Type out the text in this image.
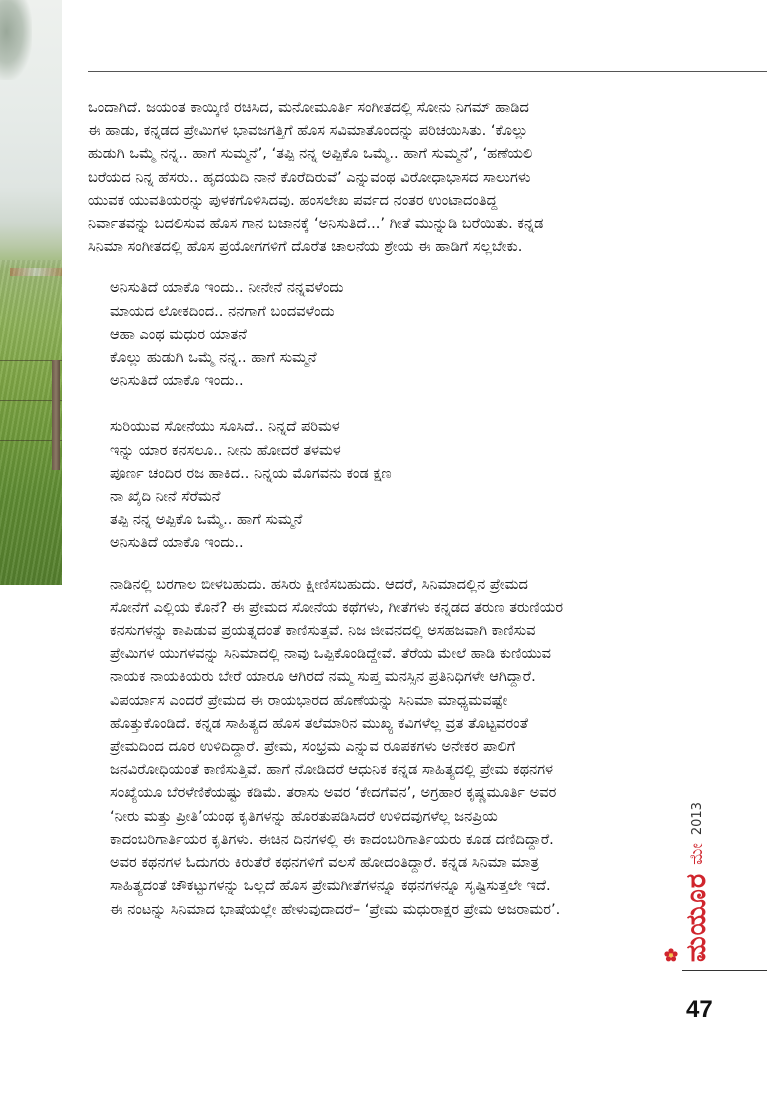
ಒಂದಾಗಿದೆ. ಜಯಂತ ಕಾಯ್ಕಿಣಿ ರಚಿಸಿದ, ಮನೋಮೂರ್ತಿ ಸಂಗೀತದಲ್ಲಿ ಸೋನು ನಿಗಮ್ ಹಾಡಿದ
ಈ ಹಾಡು, ಕನ್ನಡದ ಪ್ರೇಮಿಗಳ ಭಾವಜಗತ್ತಿಗೆ ಹೊಸ ಸವಿಮಾತೊಂದನ್ನು ಪರಿಚಯಿಸಿತು. ‘ಕೊಲ್ಲು
ಹುಡುಗಿ ಒಮ್ಮೆ ನನ್ನ.. ಹಾಗೆ ಸುಮ್ಮನೆ’, ‘ತಪ್ಪಿ ನನ್ನ ಅಪ್ಪಿಕೊ ಒಮ್ಮೆ.. ಹಾಗೆ ಸುಮ್ಮನೆ’, ‘ಹಣೆಯಲಿ
ಬರೆಯದ ನಿನ್ನ ಹೆಸರು.. ಹೃದಯದಿ ನಾನೆ ಕೊರೆದಿರುವೆ’ ಎನ್ನುವಂಥ ವಿರೋಧಾಭಾಸದ ಸಾಲುಗಳು
ಯುವಕ ಯುವತಿಯರನ್ನು ಪುಳಕಗೊಳಿಸಿದವು. ಹಂಸಲೇಖ ಪರ್ವದ ನಂತರ ಉಂಟಾದಂತಿದ್ದ
ನಿರ್ವಾತವನ್ನು ಬದಲಿಸುವ ಹೊಸ ಗಾನ ಬಜಾನಕ್ಕೆ ‘ಅನಿಸುತಿದೆ...’ ಗೀತೆ ಮುನ್ನುಡಿ ಬರೆಯಿತು. ಕನ್ನಡ
ಸಿನಿಮಾ ಸಂಗೀತದಲ್ಲಿ ಹೊಸ ಪ್ರಯೋಗಗಳಿಗೆ ದೊರೆತ ಚಾಲನೆಯ ಶ್ರೇಯ ಈ ಹಾಡಿಗೆ ಸಲ್ಲಬೇಕು.
ಅನಿಸುತಿದೆ ಯಾಕೊ ಇಂದು.. ನೀನೇನೆ ನನ್ನವಳೆಂದು
ಮಾಯದ ಲೋಕದಿಂದ.. ನನಗಾಗೆ ಬಂದವಳೆಂದು
ಆಹಾ ಎಂಥ ಮಧುರ ಯಾತನೆ
ಕೊಲ್ಲು ಹುಡುಗಿ ಒಮ್ಮೆ ನನ್ನ.. ಹಾಗೆ ಸುಮ್ಮನೆ
ಅನಿಸುತಿದೆ ಯಾಕೊ ಇಂದು..
ಸುರಿಯುವ ಸೋನೆಯು ಸೂಸಿದೆ.. ನಿನ್ನದೆ ಪರಿಮಳ
ಇನ್ನು ಯಾರ ಕನಸಲೂ.. ನೀನು ಹೋದರೆ ತಳಮಳ
ಪೂರ್ಣ ಚಂದಿರ ರಜ ಹಾಕಿದ.. ನಿನ್ನಯ ಮೊಗವನು ಕಂಡ ಕ್ಷಣ
ನಾ ಖೈದಿ ನೀನೆ ಸೆರೆಮನೆ
ತಪ್ಪಿ ನನ್ನ ಅಪ್ಪಿಕೊ ಒಮ್ಮೆ.. ಹಾಗೆ ಸುಮ್ಮನೆ
ಅನಿಸುತಿದೆ ಯಾಕೊ ಇಂದು..
ನಾಡಿನಲ್ಲಿ ಬರಗಾಲ ಬೀಳಬಹುದು. ಹಸಿರು ಕ್ಷೀಣಿಸಬಹುದು. ಆದರೆ, ಸಿನಿಮಾದಲ್ಲಿನ ಪ್ರೇಮದ
ಸೋನೆಗೆ ಎಲ್ಲಿಯ ಕೊನೆ? ಈ ಪ್ರೇಮದ ಸೋನೆಯ ಕಥೆಗಳು, ಗೀತೆಗಳು ಕನ್ನಡದ ತರುಣ ತರುಣಿಯರ
ಕನಸುಗಳನ್ನು ಕಾಪಿಡುವ ಪ್ರಯತ್ನದಂತೆ ಕಾಣಿಸುತ್ತವೆ. ನಿಜ ಜೀವನದಲ್ಲಿ ಅಸಹಜವಾಗಿ ಕಾಣಿಸುವ
ಪ್ರೇಮಿಗಳ ಯುಗಳವನ್ನು ಸಿನಿಮಾದಲ್ಲಿ ನಾವು ಒಪ್ಪಿಕೊಂಡಿದ್ದೇವೆ. ತೆರೆಯ ಮೇಲೆ ಹಾಡಿ ಕುಣಿಯುವ
ನಾಯಕ ನಾಯಕಿಯರು ಬೇರೆ ಯಾರೂ ಆಗಿರದೆ ನಮ್ಮ ಸುಪ್ತ ಮನಸ್ಸಿನ ಪ್ರತಿನಿಧಿಗಳೇ ಆಗಿದ್ದಾರೆ.
ವಿಪರ್ಯಾಸ ಎಂದರೆ ಪ್ರೇಮದ ಈ ರಾಯಭಾರದ ಹೊಣೆಯನ್ನು ಸಿನಿಮಾ ಮಾಧ್ಯಮವಷ್ಟೇ
ಹೊತ್ತುಕೊಂಡಿದೆ. ಕನ್ನಡ ಸಾಹಿತ್ಯದ ಹೊಸ ತಲೆಮಾರಿನ ಮುಖ್ಯ ಕವಿಗಳೆಲ್ಲ ವ್ರತ ತೊಟ್ಟವರಂತೆ
ಪ್ರೇಮದಿಂದ ದೂರ ಉಳಿದಿದ್ದಾರೆ. ಪ್ರೇಮ, ಸಂಭ್ರಮ ಎನ್ನುವ ರೂಪಕಗಳು ಅನೇಕರ ಪಾಲಿಗೆ
ಜನವಿರೋಧಿಯಂತೆ ಕಾಣಿಸುತ್ತಿವೆ. ಹಾಗೆ ನೋಡಿದರೆ ಆಧುನಿಕ ಕನ್ನಡ ಸಾಹಿತ್ಯದಲ್ಲಿ ಪ್ರೇಮ ಕಥನಗಳ
ಸಂಖ್ಯೆಯೂ ಬೆರಳೆಣಿಕೆಯಷ್ಟು ಕಡಿಮೆ. ತರಾಸು ಅವರ ‘ಕೇದಗೆವನ’, ಅಗ್ರಹಾರ ಕೃಷ್ಣಮೂರ್ತಿ ಅವರ
‘ನೀರು ಮತ್ತು ಪ್ರೀತಿ’ಯಂಥ ಕೃತಿಗಳನ್ನು ಹೊರತುಪಡಿಸಿದರೆ ಉಳಿದವುಗಳೆಲ್ಲ ಜನಪ್ರಿಯ
ಕಾದಂಬರಿಗಾರ್ತಿಯರ ಕೃತಿಗಳು. ಈಚಿನ ದಿನಗಳಲ್ಲಿ ಈ ಕಾದಂಬರಿಗಾರ್ತಿಯರು ಕೂಡ ದಣಿದಿದ್ದಾರೆ.
ಅವರ ಕಥನಗಳ ಓದುಗರು ಕಿರುತೆರೆ ಕಥನಗಳಿಗೆ ವಲಸೆ ಹೋದಂತಿದ್ದಾರೆ. ಕನ್ನಡ ಸಿನಿಮಾ ಮಾತ್ರ
ಸಾಹಿತ್ಯದಂತೆ ಚೌಕಟ್ಟುಗಳನ್ನು ಒಲ್ಲದೆ ಹೊಸ ಪ್ರೇಮಗೀತೆಗಳನ್ನೂ ಕಥನಗಳನ್ನೂ ಸೃಷ್ಟಿಸುತ್ತಲೇ ಇದೆ.
ಈ ನಂಟನ್ನು ಸಿನಿಮಾದ ಭಾಷೆಯಲ್ಲೇ ಹೇಳುವುದಾದರೆ– ‘ಪ್ರೇಮ ಮಧುರಾಕ್ಷರ ಪ್ರೇಮ ಅಜರಾಮರ’.	ಮಯೂರ
ಮೇ
2013
47
